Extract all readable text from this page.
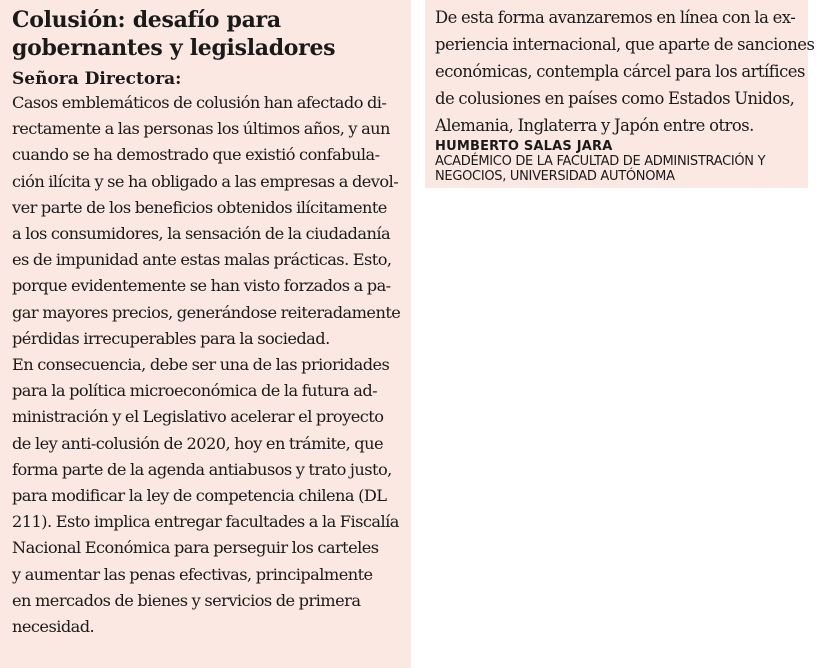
Colusión: desafío para
gobernantes y legisladores

Señora Directora:

Casos emblemáticos de colusión han afectado di-
rectamente a las personas los últimos años, y aun
cuando se ha demostrado que existió confabula-
ción ilícita y se ha obligado a las empresas a devol-
ver parte de los beneficios obtenidos ilícitamente
a los consumidores, la sensación de la ciudadanía
es de impunidad ante estas malas prácticas. Esto,
porque evidentemente se han visto forzados a pa-
gar mayores precios, generándose reiteradamente
pérdidas irrecuperables para la sociedad.

En consecuencia, debe ser una de las prioridades
para la política microeconómica de la futura ad-
ministración y el Legislativo acelerar el proyecto
de ley anti-colusión de 2020, hoy en trámite, que
forma parte de la agenda antiabusos y trato justo,
para modificar la ley de competencia chilena (DL
211). Esto implica entregar facultades a la Fiscalía
Nacional Económica para perseguir los carteles
y aumentar las penas efectivas, principalmente
en mercados de bienes y servicios de primera
necesidad.

De esta forma avanzaremos en línea con la ex-
periencia internacional, que aparte de sanciones
económicas, contempla cárcel para los artífices
de colusiones en países como Estados Unidos,
Alemania, Inglaterra y Japón entre otros.

HUMBERTO SALAS JARA

ACADÉMICO DE LA FACULTAD DE ADMINISTRACIÓN Y
NEGOCIOS, UNIVERSIDAD AUTÓNOMA
